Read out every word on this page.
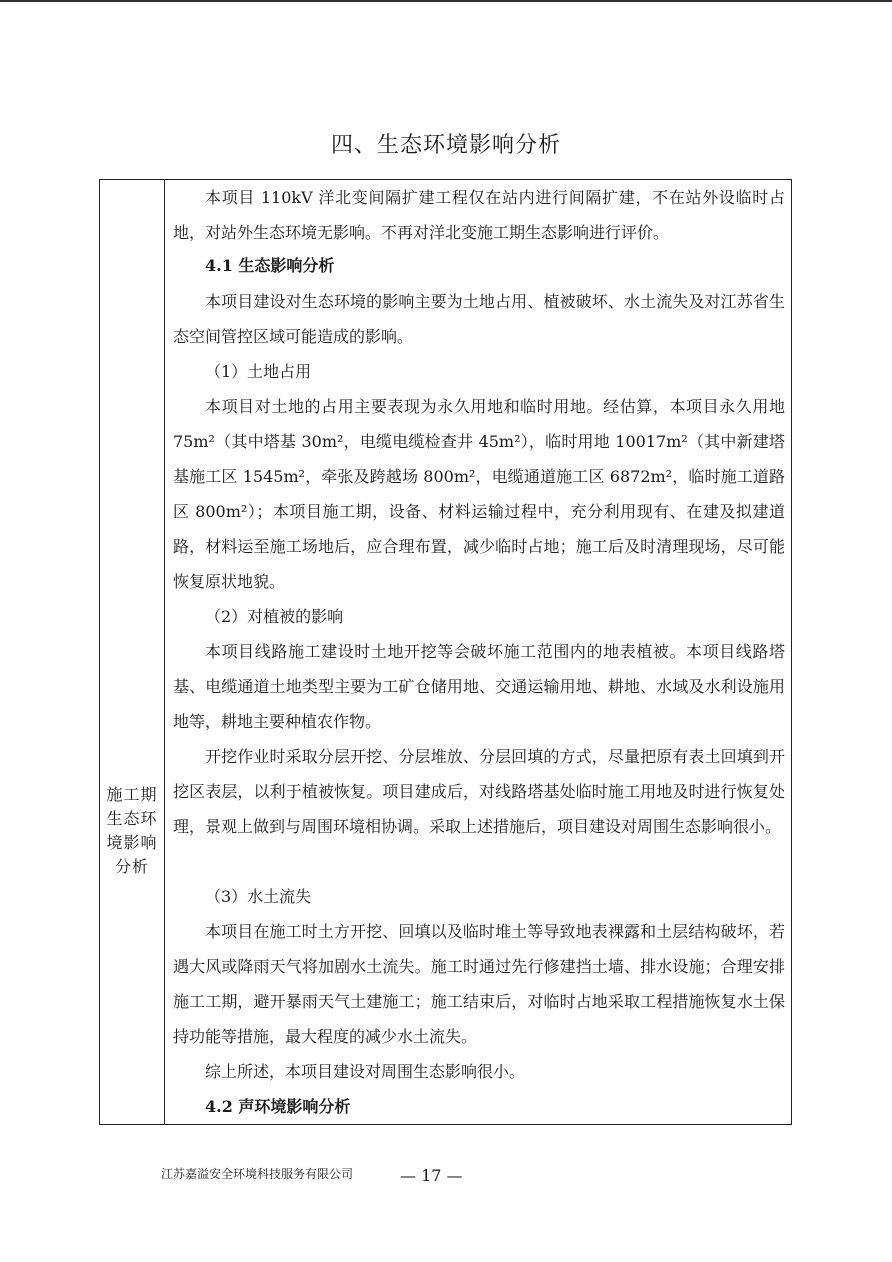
四、生态环境影响分析
施工期
生态环
境影响
分析
本项目 110kV 洋北变间隔扩建工程仅在站内进行间隔扩建，不在站外设临时占地，对站外生态环境无影响。不再对洋北变施工期生态影响进行评价。
4.1 生态影响分析
本项目建设对生态环境的影响主要为土地占用、植被破坏、水土流失及对江苏省生态空间管控区域可能造成的影响。
（1）土地占用
本项目对土地的占用主要表现为永久用地和临时用地。经估算，本项目永久用地 75m²（其中塔基 30m²，电缆电缆检查井 45m²），临时用地 10017m²（其中新建塔基施工区 1545m²，牵张及跨越场 800m²，电缆通道施工区 6872m²，临时施工道路区 800m²）；本项目施工期，设备、材料运输过程中，充分利用现有、在建及拟建道路，材料运至施工场地后，应合理布置，减少临时占地；施工后及时清理现场，尽可能恢复原状地貌。
（2）对植被的影响
本项目线路施工建设时土地开挖等会破坏施工范围内的地表植被。本项目线路塔基、电缆通道土地类型主要为工矿仓储用地、交通运输用地、耕地、水域及水利设施用地等，耕地主要种植农作物。
开挖作业时采取分层开挖、分层堆放、分层回填的方式，尽量把原有表土回填到开挖区表层，以利于植被恢复。项目建成后，对线路塔基处临时施工用地及时进行恢复处理，景观上做到与周围环境相协调。采取上述措施后，项目建设对周围生态影响很小。
（3）水土流失
本项目在施工时土方开挖、回填以及临时堆土等导致地表裸露和土层结构破坏，若遇大风或降雨天气将加剧水土流失。施工时通过先行修建挡土墙、排水设施；合理安排施工工期，避开暴雨天气土建施工；施工结束后，对临时占地采取工程措施恢复水土保持功能等措施，最大程度的减少水土流失。
综上所述，本项目建设对周围生态影响很小。
4.2 声环境影响分析
江苏嘉溢安全环境科技服务有限公司	— 17 —
